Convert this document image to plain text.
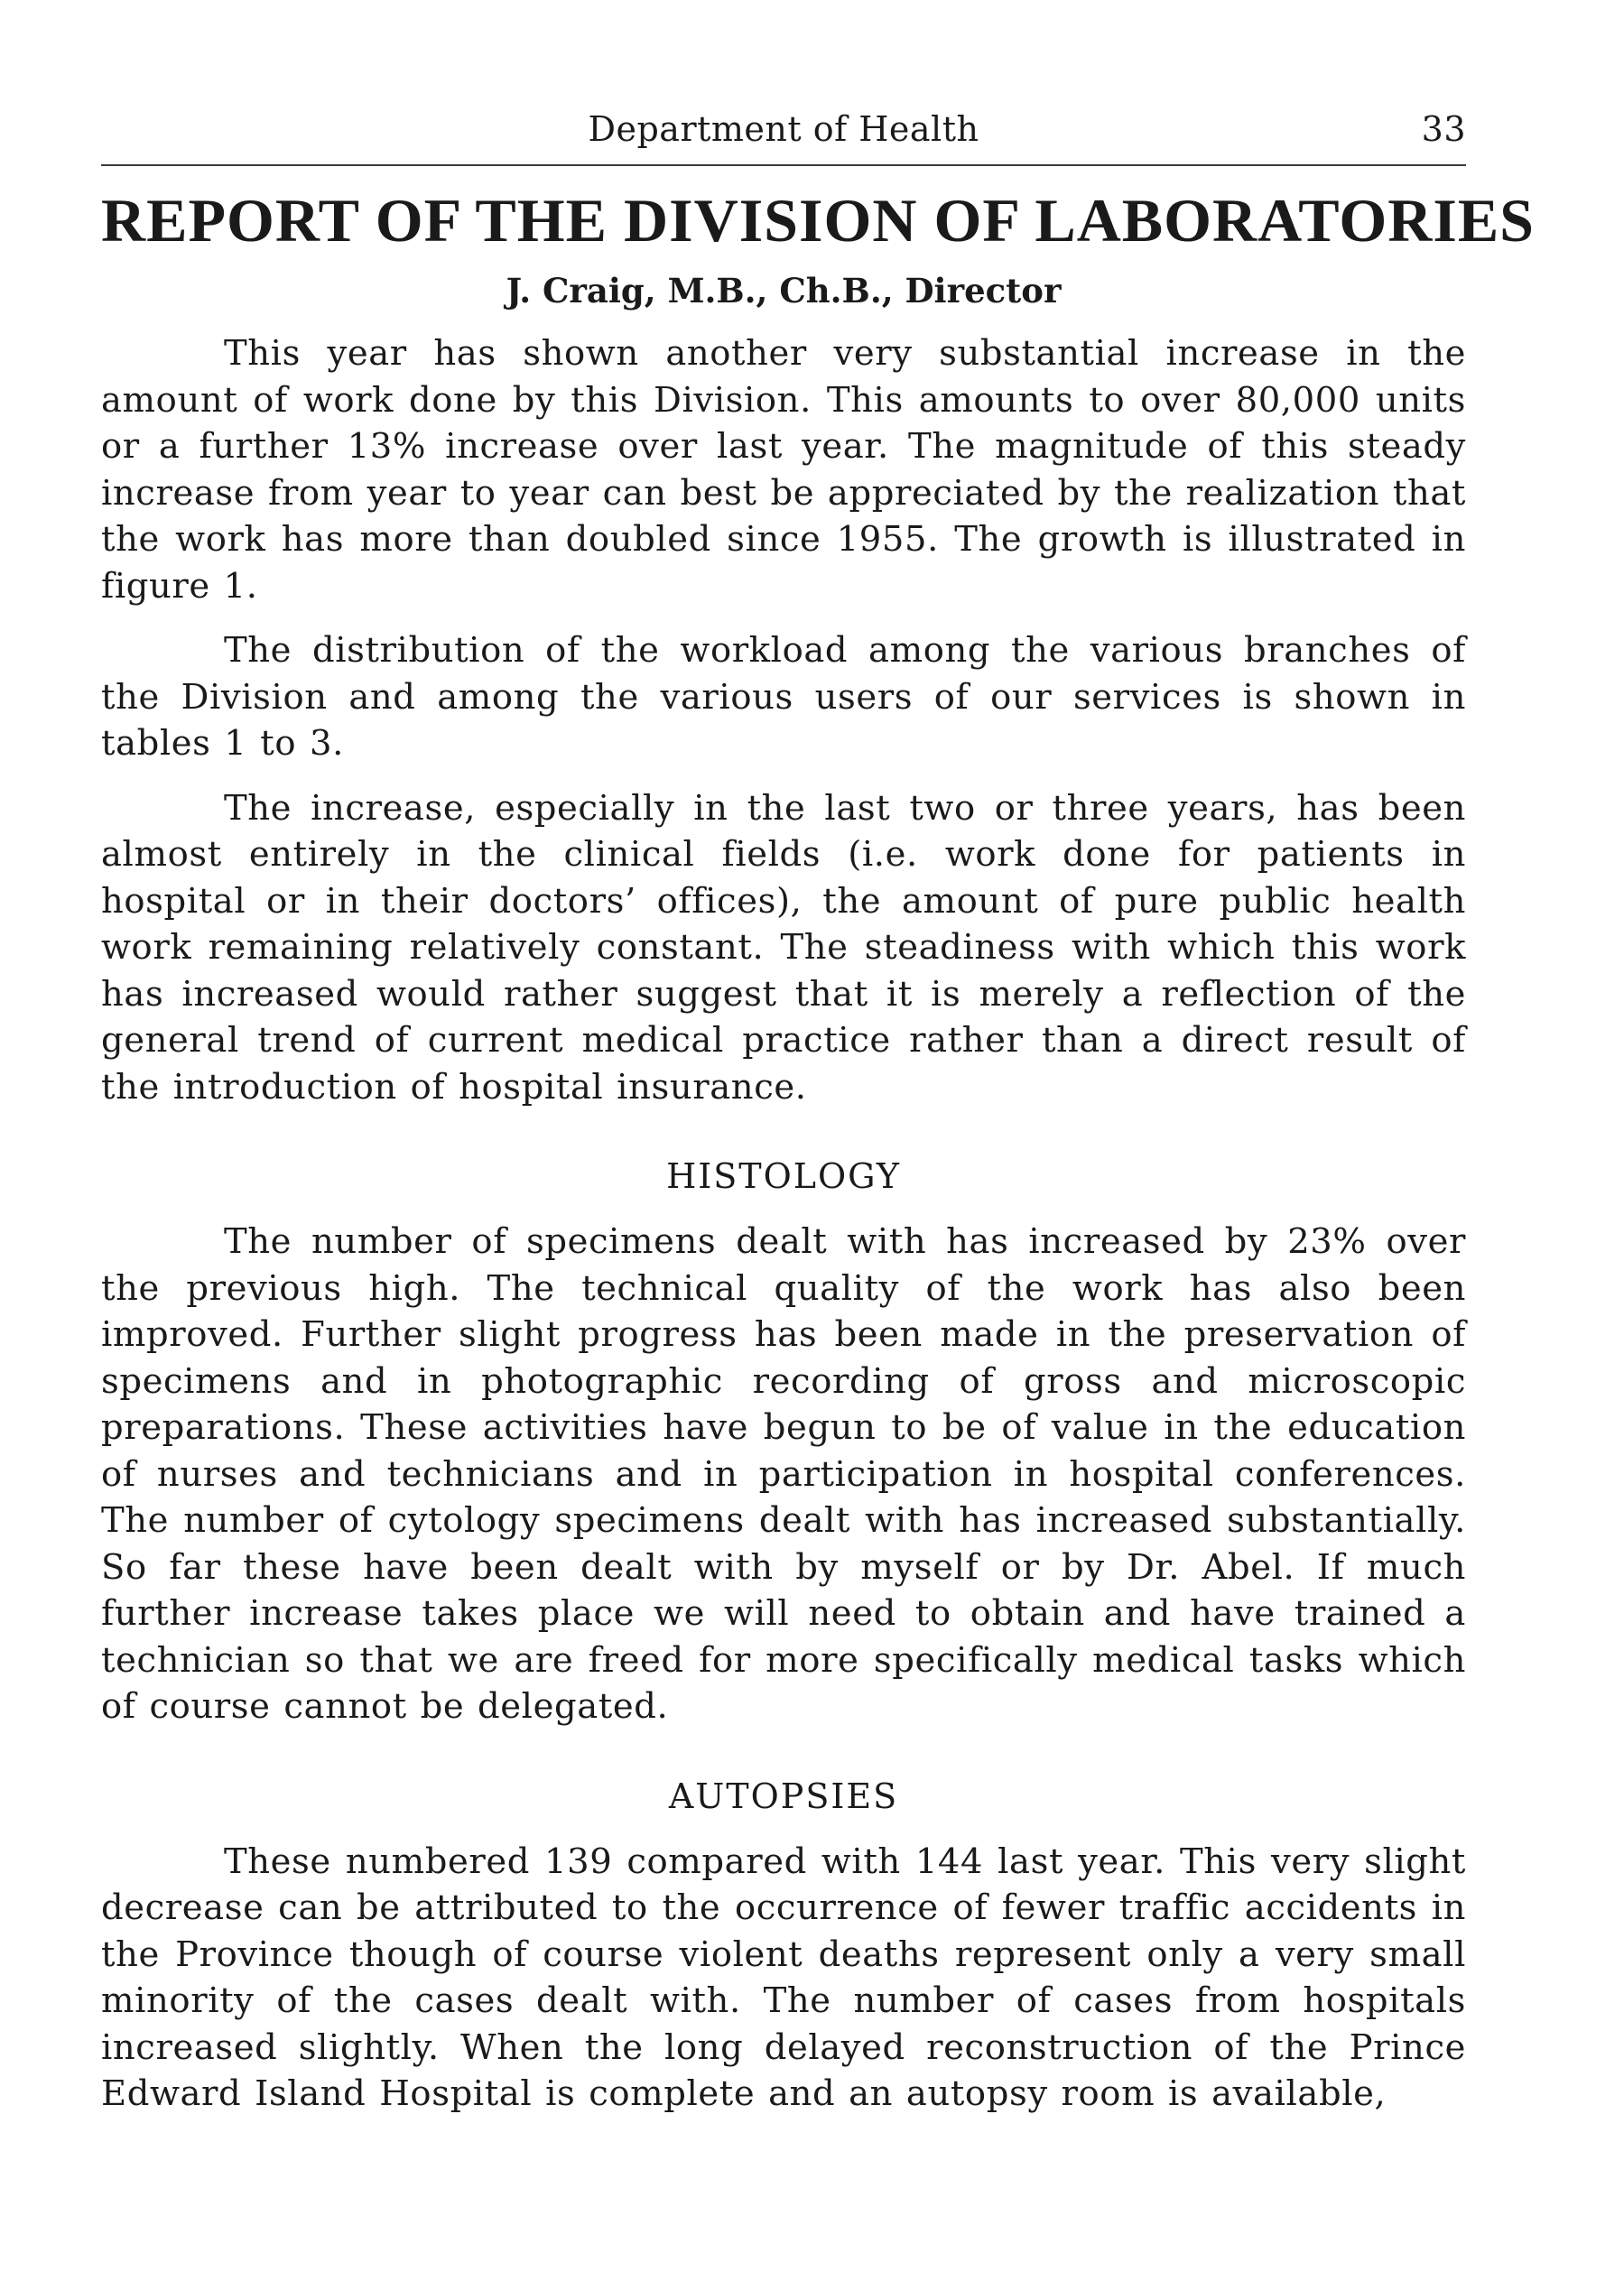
Department of Health	33
REPORT OF THE DIVISION OF LABORATORIES
J. Craig, M.B., Ch.B., Director

This year has shown another very substantial increase in the amount of work done by this Division. This amounts to over 80,000 units or a further 13% increase over last year. The magnitude of this steady increase from year to year can best be appreciated by the realization that the work has more than doubled since 1955. The growth is illustrated in figure 1.

The distribution of the workload among the various branches of the Division and among the various users of our services is shown in tables 1 to 3.

The increase, especially in the last two or three years, has been almost entirely in the clinical fields (i.e. work done for patients in hospital or in their doctors’ offices), the amount of pure public health work remaining relatively constant. The steadiness with which this work has increased would rather suggest that it is merely a reflection of the general trend of current medical practice rather than a direct result of the introduction of hospital insurance.

HISTOLOGY

The number of specimens dealt with has increased by 23% over the previous high. The technical quality of the work has also been improved. Further slight progress has been made in the preservation of specimens and in photographic recording of gross and microscopic preparations. These activities have begun to be of value in the education of nurses and technicians and in participation in hospital conferences. The number of cytology specimens dealt with has increased substantially. So far these have been dealt with by myself or by Dr. Abel. If much further increase takes place we will need to obtain and have trained a technician so that we are freed for more specifically medical tasks which of course cannot be delegated.

AUTOPSIES

These numbered 139 compared with 144 last year. This very slight decrease can be attributed to the occurrence of fewer traffic accidents in the Province though of course violent deaths represent only a very small minority of the cases dealt with. The number of cases from hospitals increased slightly. When the long delayed reconstruction of the Prince Edward Island Hospital is complete and an autopsy room is available,
